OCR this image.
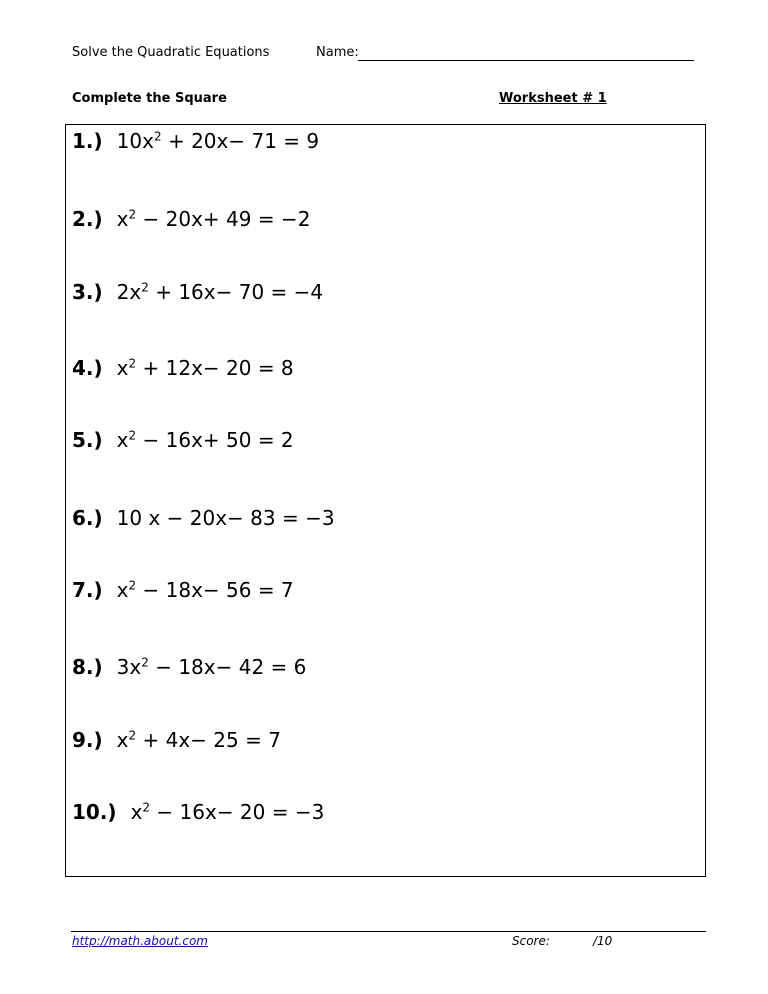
Solve the Quadratic Equations	Name:
Complete the Square	Worksheet # 1
1.) $10x^2 + 20x- 71 = 9$
2.) $x^2 - 20x+ 49 = -2$
3.) $2x^2 + 16x- 70 = -4$
4.) $x^2 + 12x- 20 = 8$
5.) $x^2 - 16x+ 50 = 2$
6.) 10 x − 20x− 83 = −3
7.) $x^2 - 18x- 56 = 7$
8.) $3x^2 - 18x- 42 = 6$
9.) $x^2 + 4x- 25 = 7$
10.) $x^2 - 16x- 20 = -3$
http://math.about.com	Score:	/10
